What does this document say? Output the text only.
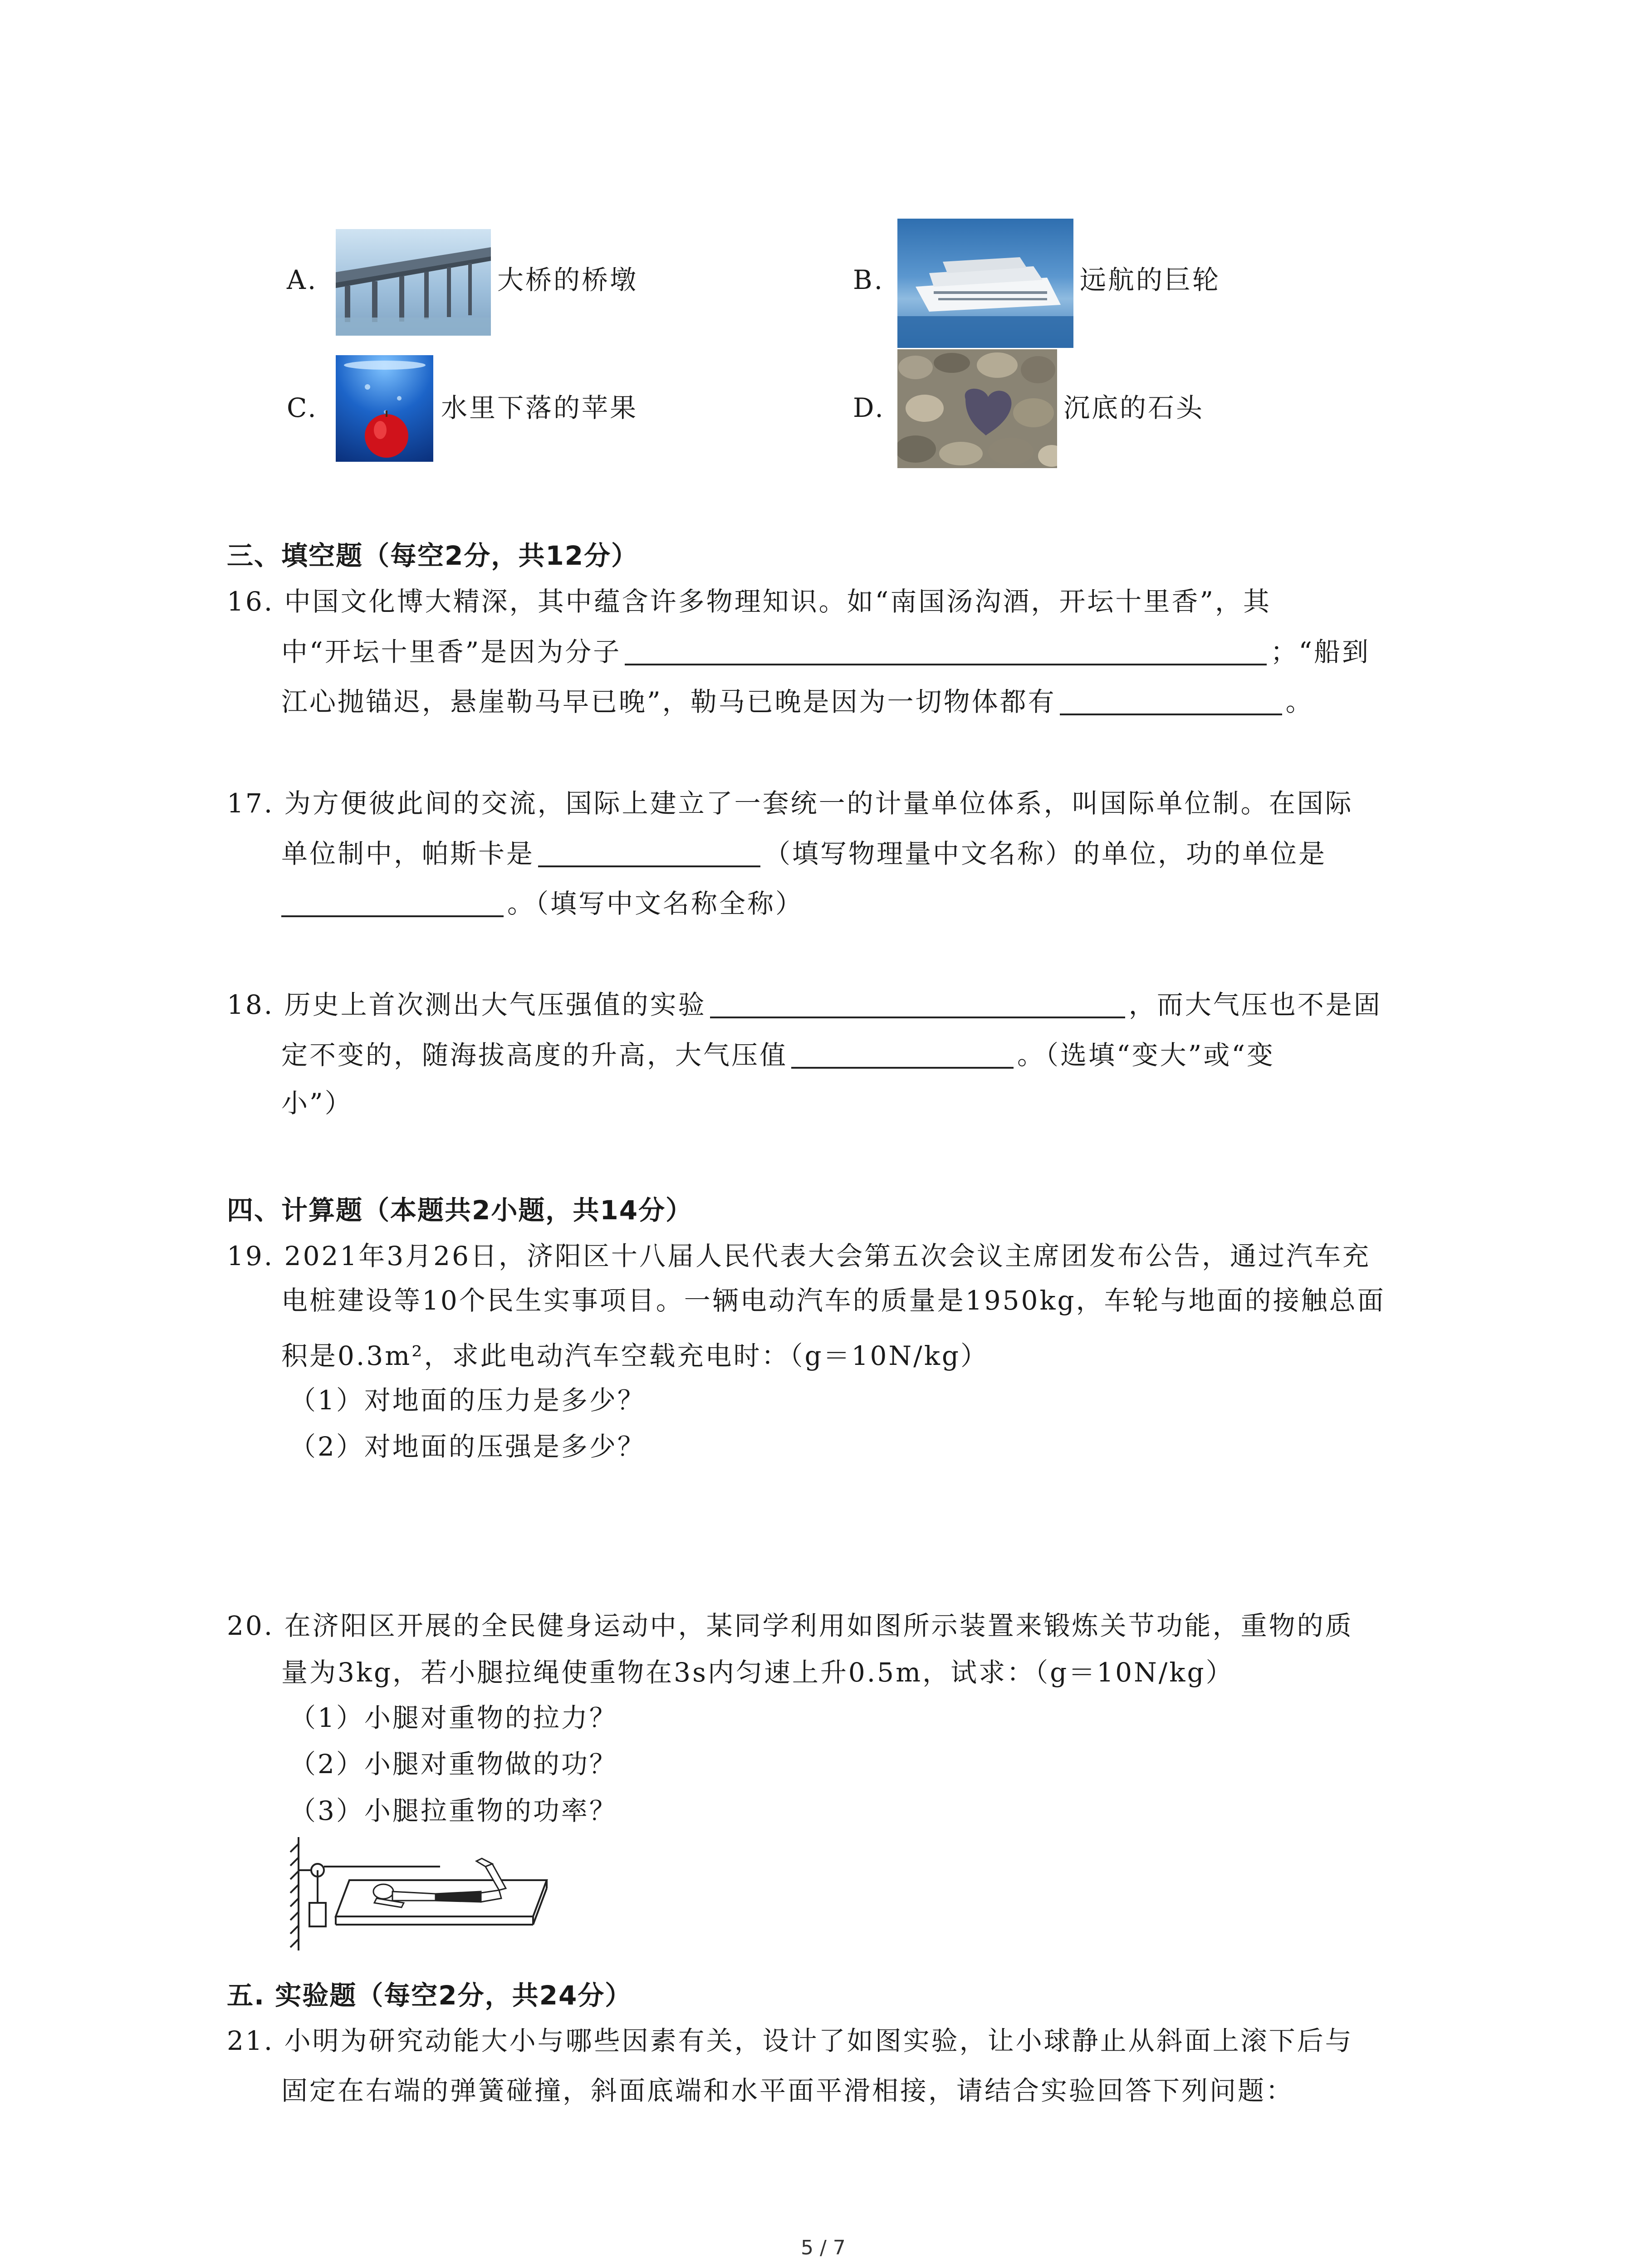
A.	大桥的桥墩	B.	远航的巨轮
C.	水里下落的苹果	D.	沉底的石头
三、填空题（每空2分，共12分）
16. 中国文化博大精深，其中蕴含许多物理知识。如“南国汤沟酒，开坛十里香”，其
中“开坛十里香”是因为分子	；“船到
江心抛锚迟，悬崖勒马早已晚”，勒马已晚是因为一切物体都有	。
17. 为方便彼此间的交流，国际上建立了一套统一的计量单位体系，叫国际单位制。在国际
单位制中，帕斯卡是	（填写物理量中文名称）的单位，功的单位是
。（填写中文名称全称）
18. 历史上首次测出大气压强值的实验	，而大气压也不是固
定不变的，随海拔高度的升高，大气压值	。（选填“变大”或“变
小”）
四、计算题（本题共2小题，共14分）
19. 2021年3月26日，济阳区十八届人民代表大会第五次会议主席团发布公告，通过汽车充
电桩建设等10个民生实事项目。一辆电动汽车的质量是1950kg，车轮与地面的接触总面
积是0.3m²，求此电动汽车空载充电时：（g＝10N/kg）
（1）对地面的压力是多少？
（2）对地面的压强是多少？
20. 在济阳区开展的全民健身运动中，某同学利用如图所示装置来锻炼关节功能，重物的质
量为3kg，若小腿拉绳使重物在3s内匀速上升0.5m，试求：（g＝10N/kg）
（1）小腿对重物的拉力？
（2）小腿对重物做的功？
（3）小腿拉重物的功率？
五. 实验题（每空2分，共24分）
21. 小明为研究动能大小与哪些因素有关，设计了如图实验，让小球静止从斜面上滚下后与
固定在右端的弹簧碰撞，斜面底端和水平面平滑相接，请结合实验回答下列问题：
5 / 7
